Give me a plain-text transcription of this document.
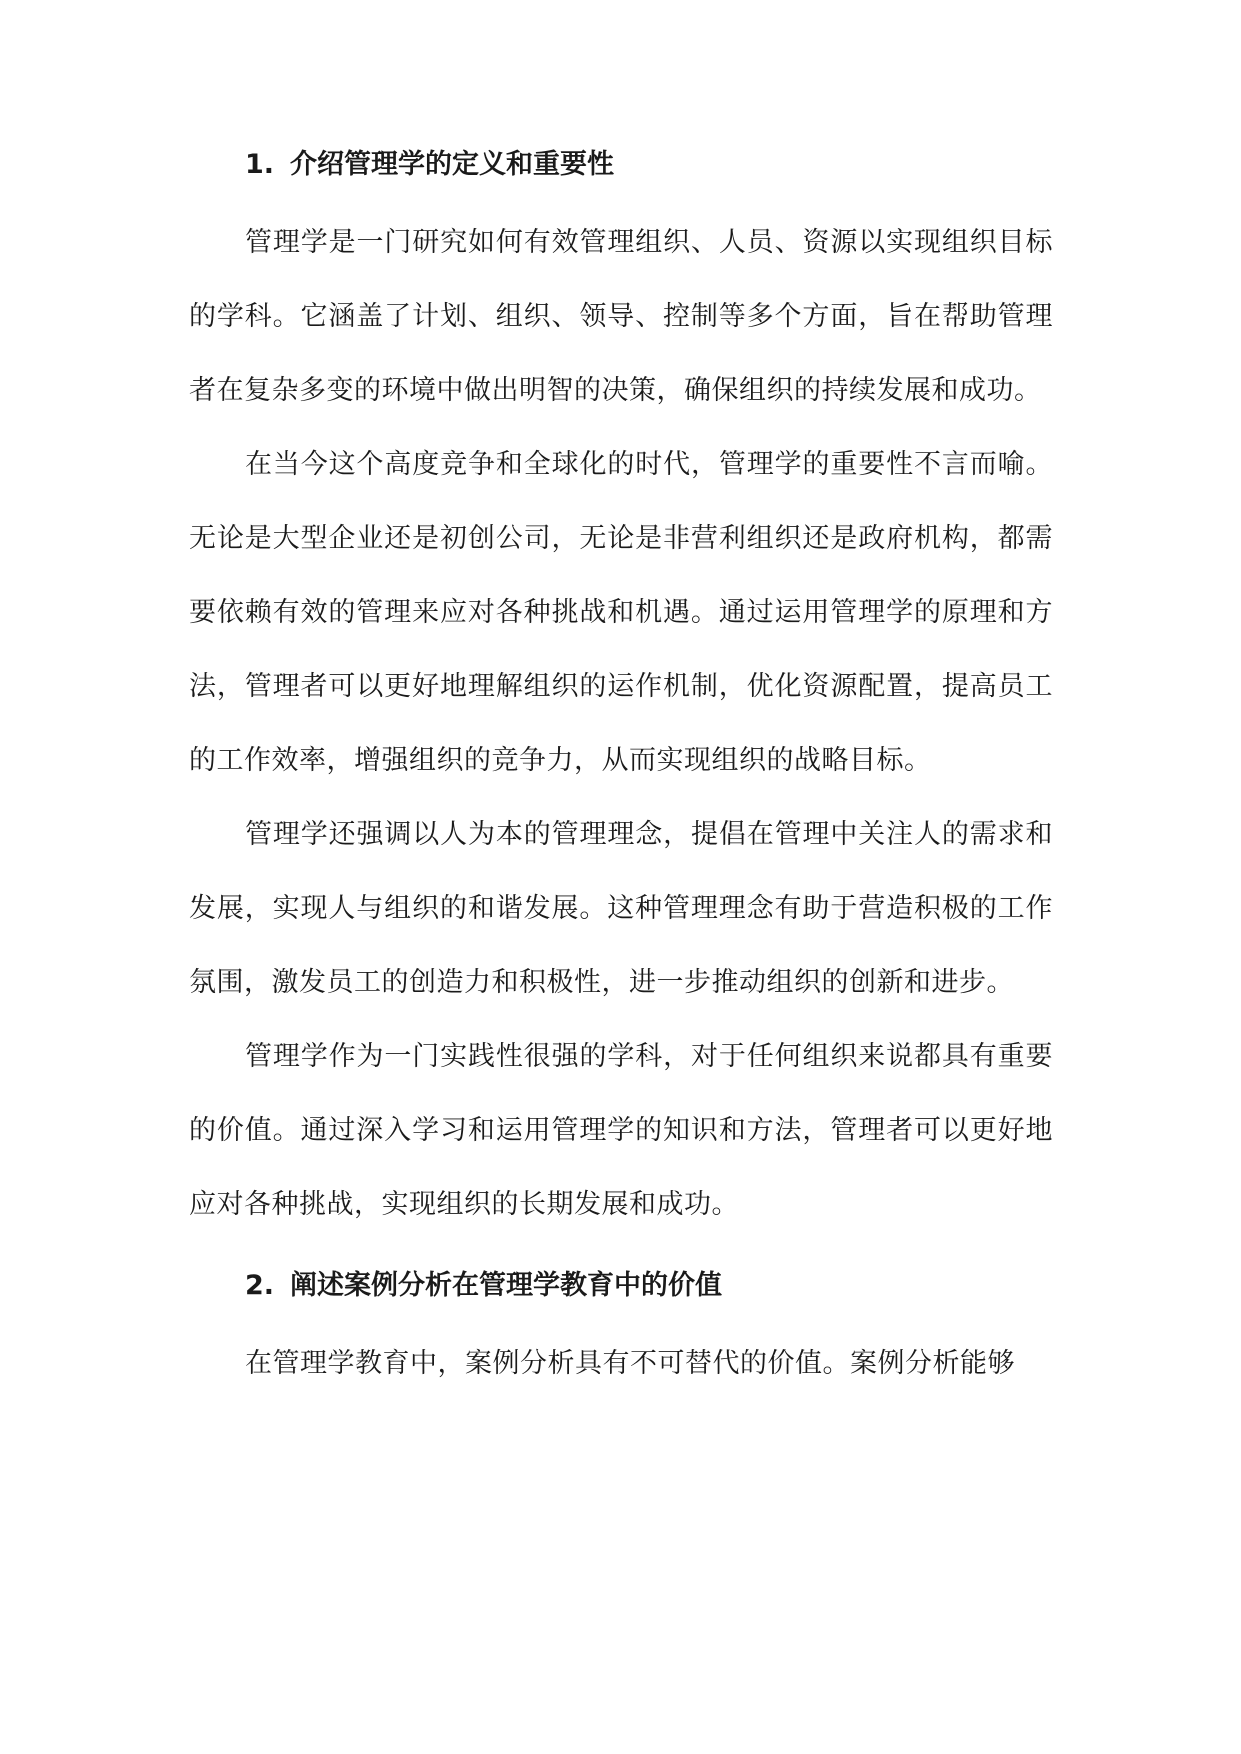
1. 介绍管理学的定义和重要性

管理学是一门研究如何有效管理组织、人员、资源以实现组织目标的学科。它涵盖了计划、组织、领导、控制等多个方面，旨在帮助管理者在复杂多变的环境中做出明智的决策，确保组织的持续发展和成功。

在当今这个高度竞争和全球化的时代，管理学的重要性不言而喻。无论是大型企业还是初创公司，无论是非营利组织还是政府机构，都需要依赖有效的管理来应对各种挑战和机遇。通过运用管理学的原理和方法，管理者可以更好地理解组织的运作机制，优化资源配置，提高员工的工作效率，增强组织的竞争力，从而实现组织的战略目标。

管理学还强调以人为本的管理理念，提倡在管理中关注人的需求和发展，实现人与组织的和谐发展。这种管理理念有助于营造积极的工作氛围，激发员工的创造力和积极性，进一步推动组织的创新和进步。

管理学作为一门实践性很强的学科，对于任何组织来说都具有重要的价值。通过深入学习和运用管理学的知识和方法，管理者可以更好地应对各种挑战，实现组织的长期发展和成功。

2. 阐述案例分析在管理学教育中的价值

在管理学教育中，案例分析具有不可替代的价值。案例分析能够
